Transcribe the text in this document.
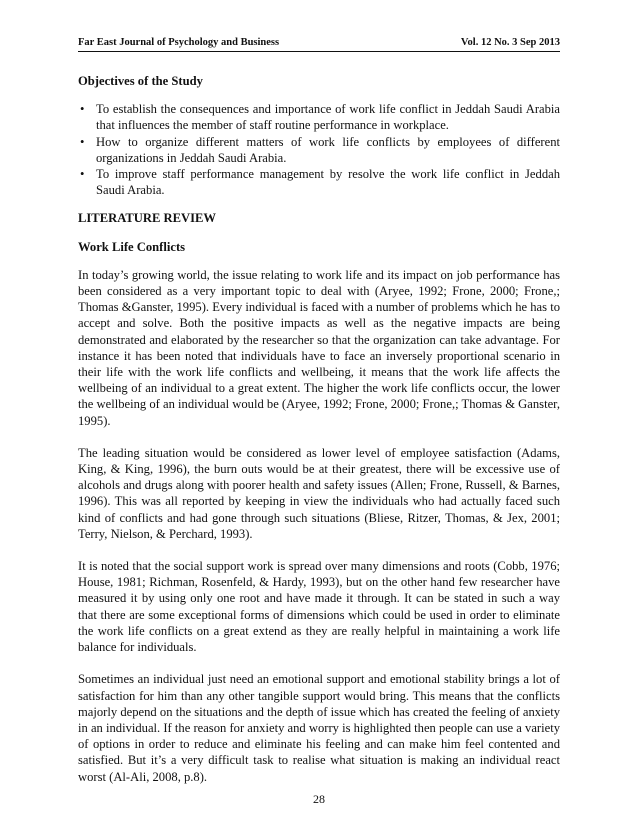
Far East Journal of Psychology and Business	Vol. 12 No. 3 Sep 2013

Objectives of the Study

• To establish the consequences and importance of work life conflict in Jeddah Saudi Arabia that influences the member of staff routine performance in workplace.
• How to organize different matters of work life conflicts by employees of different organizations in Jeddah Saudi Arabia.
• To improve staff performance management by resolve the work life conflict in Jeddah Saudi Arabia.

LITERATURE REVIEW

Work Life Conflicts

In today’s growing world, the issue relating to work life and its impact on job performance has been considered as a very important topic to deal with (Aryee, 1992; Frone, 2000; Frone,; Thomas &Ganster, 1995). Every individual is faced with a number of problems which he has to accept and solve. Both the positive impacts as well as the negative impacts are being demonstrated and elaborated by the researcher so that the organization can take advantage. For instance it has been noted that individuals have to face an inversely proportional scenario in their life with the work life conflicts and wellbeing, it means that the work life affects the wellbeing of an individual to a great extent. The higher the work life conflicts occur, the lower the wellbeing of an individual would be (Aryee, 1992; Frone, 2000; Frone,; Thomas & Ganster, 1995).

The leading situation would be considered as lower level of employee satisfaction (Adams, King, & King, 1996), the burn outs would be at their greatest, there will be excessive use of alcohols and drugs along with poorer health and safety issues (Allen; Frone, Russell, & Barnes, 1996). This was all reported by keeping in view the individuals who had actually faced such kind of conflicts and had gone through such situations (Bliese, Ritzer, Thomas, & Jex, 2001; Terry, Nielson, & Perchard, 1993).

It is noted that the social support work is spread over many dimensions and roots (Cobb, 1976; House, 1981; Richman, Rosenfeld, & Hardy, 1993), but on the other hand few researcher have measured it by using only one root and have made it through. It can be stated in such a way that there are some exceptional forms of dimensions which could be used in order to eliminate the work life conflicts on a great extend as they are really helpful in maintaining a work life balance for individuals.

Sometimes an individual just need an emotional support and emotional stability brings a lot of satisfaction for him than any other tangible support would bring. This means that the conflicts majorly depend on the situations and the depth of issue which has created the feeling of anxiety in an individual. If the reason for anxiety and worry is highlighted then people can use a variety of options in order to reduce and eliminate his feeling and can make him feel contented and satisfied. But it’s a very difficult task to realise what situation is making an individual react worst (Al-Ali, 2008, p.8).

28
